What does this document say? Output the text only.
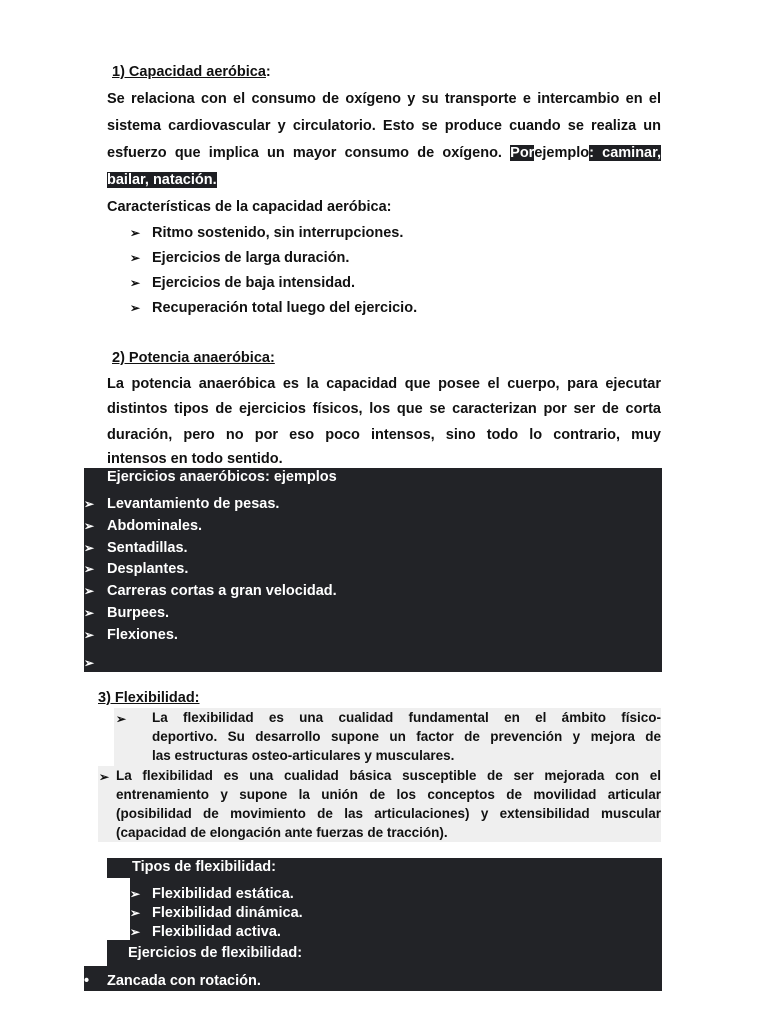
1) Capacidad aeróbica:
Se relaciona con el consumo de oxígeno y su transporte e intercambio en el
sistema cardiovascular y circulatorio. Esto se produce cuando se realiza un
esfuerzo que implica un mayor consumo de oxígeno. Porejemplo: caminar,
bailar, natación.
Características de la capacidad aeróbica:
➢ Ritmo sostenido, sin interrupciones.
➢ Ejercicios de larga duración.
➢ Ejercicios de baja intensidad.
➢ Recuperación total luego del ejercicio.
2) Potencia anaeróbica:
La potencia anaeróbica es la capacidad que posee el cuerpo, para ejecutar
distintos tipos de ejercicios físicos, los que se caracterizan por ser de corta
duración, pero no por eso poco intensos, sino todo lo contrario, muy
intensos en todo sentido.
Ejercicios anaeróbicos: ejemplos
➢ Levantamiento de pesas.
➢ Abdominales.
➢ Sentadillas.
➢ Desplantes.
➢ Carreras cortas a gran velocidad.
➢ Burpees.
➢ Flexiones.
➢
3) Flexibilidad:
➢ La flexibilidad es una cualidad fundamental en el ámbito físico-
deportivo. Su desarrollo supone un factor de prevención y mejora de
las estructuras osteo-articulares y musculares.
➢ La flexibilidad es una cualidad básica susceptible de ser mejorada con el
entrenamiento y supone la unión de los conceptos de movilidad articular
(posibilidad de movimiento de las articulaciones) y extensibilidad muscular
(capacidad de elongación ante fuerzas de tracción).
Tipos de flexibilidad:
➢ Flexibilidad estática.
➢ Flexibilidad dinámica.
➢ Flexibilidad activa.
Ejercicios de flexibilidad:
• Zancada con rotación.
